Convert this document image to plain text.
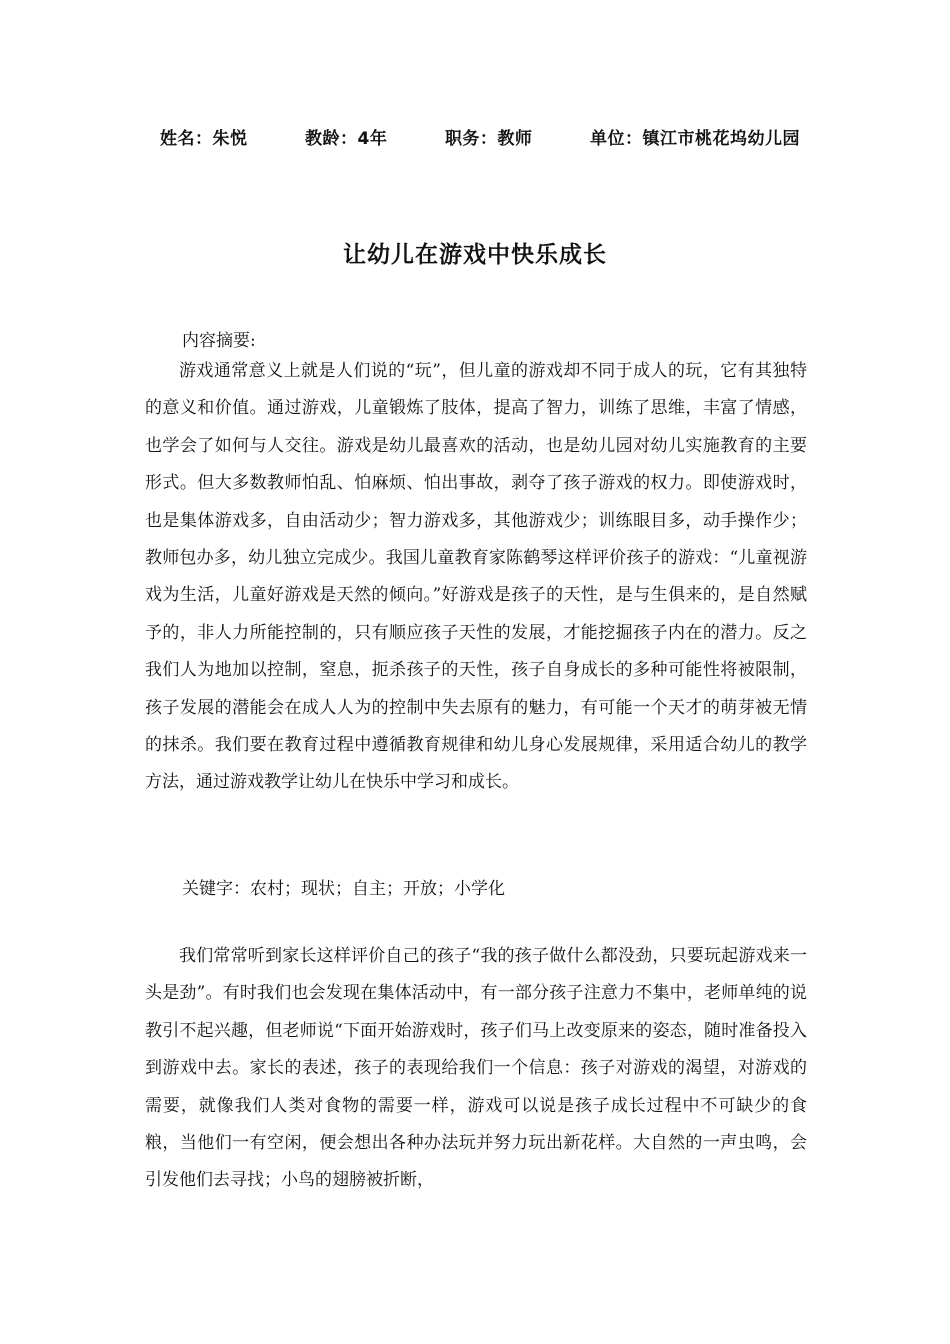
姓名：朱悦	教龄：4年	职务：教师	单位：镇江市桃花坞幼儿园
让幼儿在游戏中快乐成长

内容摘要:

游戏通常意义上就是人们说的“玩”，但儿童的游戏却不同于成人的玩，它有其独特的意义和价值。通过游戏，儿童锻炼了肢体，提高了智力，训练了思维，丰富了情感，也学会了如何与人交往。游戏是幼儿最喜欢的活动，也是幼儿园对幼儿实施教育的主要形式。但大多数教师怕乱、怕麻烦、怕出事故，剥夺了孩子游戏的权力。即使游戏时，也是集体游戏多，自由活动少；智力游戏多，其他游戏少；训练眼目多，动手操作少；教师包办多，幼儿独立完成少。我国儿童教育家陈鹤琴这样评价孩子的游戏：“儿童视游戏为生活，儿童好游戏是天然的倾向。”好游戏是孩子的天性，是与生俱来的，是自然赋予的，非人力所能控制的，只有顺应孩子天性的发展，才能挖掘孩子内在的潜力。反之我们人为地加以控制，窒息，扼杀孩子的天性，孩子自身成长的多种可能性将被限制，孩子发展的潜能会在成人人为的控制中失去原有的魅力，有可能一个天才的萌芽被无情的抹杀。我们要在教育过程中遵循教育规律和幼儿身心发展规律，采用适合幼儿的教学方法，通过游戏教学让幼儿在快乐中学习和成长。

关键字：农村；现状；自主；开放；小学化

我们常常听到家长这样评价自己的孩子“我的孩子做什么都没劲，只要玩起游戏来一头是劲”。有时我们也会发现在集体活动中，有一部分孩子注意力不集中，老师单纯的说教引不起兴趣，但老师说“下面开始游戏时，孩子们马上改变原来的姿态，随时准备投入到游戏中去。家长的表述，孩子的表现给我们一个信息：孩子对游戏的渴望，对游戏的需要，就像我们人类对食物的需要一样，游戏可以说是孩子成长过程中不可缺少的食粮，当他们一有空闲，便会想出各种办法玩并努力玩出新花样。大自然的一声虫鸣，会引发他们去寻找；小鸟的翅膀被折断，
